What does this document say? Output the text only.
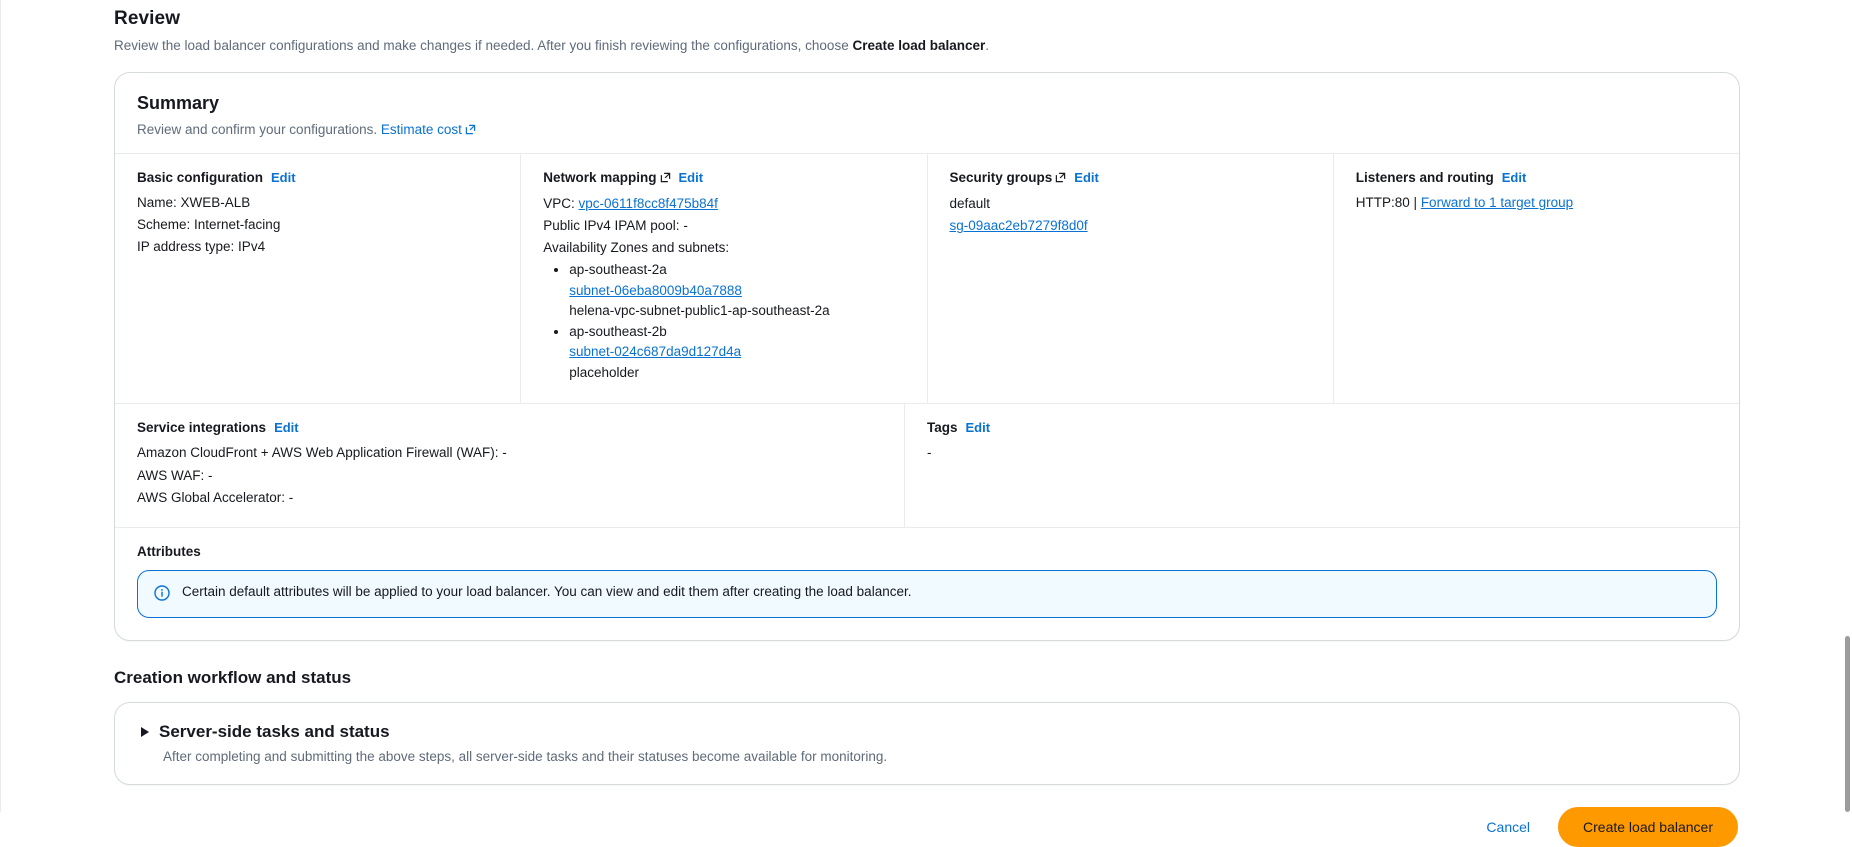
Review
Review the load balancer configurations and make changes if needed. After you finish reviewing the configurations, choose Create load balancer.
Summary
Review and confirm your configurations. Estimate cost
Basic configuration Edit
Name: XWEB-ALB
Scheme: Internet-facing
IP address type: IPv4
Network mapping Edit
VPC: vpc-0611f8cc8f475b84f
Public IPv4 IPAM pool: -
Availability Zones and subnets:
• ap-southeast-2a
subnet-06eba8009b40a7888
helena-vpc-subnet-public1-ap-southeast-2a
• ap-southeast-2b
subnet-024c687da9d127d4a
placeholder
Security groups Edit
default
sg-09aac2eb7279f8d0f
Listeners and routing Edit
HTTP:80 | Forward to 1 target group
Service integrations Edit
Amazon CloudFront + AWS Web Application Firewall (WAF): -
AWS WAF: -
AWS Global Accelerator: -
Tags Edit
-
Attributes
Certain default attributes will be applied to your load balancer. You can view and edit them after creating the load balancer.
Creation workflow and status
Server-side tasks and status
After completing and submitting the above steps, all server-side tasks and their statuses become available for monitoring.
Cancel	Create load balancer
